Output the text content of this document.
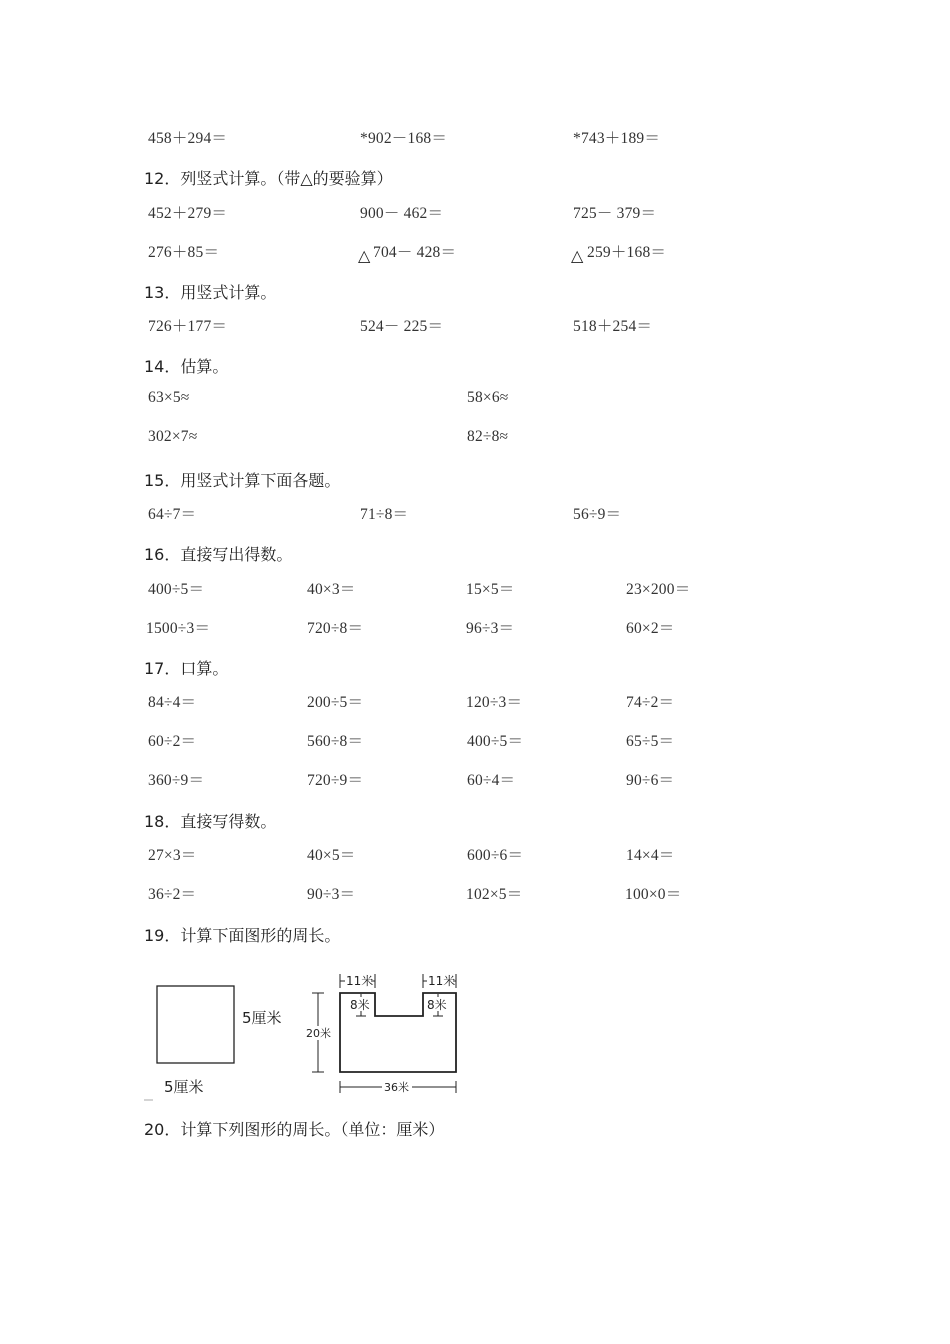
458＋294＝	*902－168＝	*743＋189＝
12．列竖式计算。（带△的要验算）
452＋279＝	900－ 462＝	725－ 379＝
276＋85＝	△ 704－ 428＝	△ 259＋168＝
13．用竖式计算。
726＋177＝	524－ 225＝	518＋254＝
14．估算。
63×5≈	58×6≈
302×7≈	82÷8≈
15．用竖式计算下面各题。
64÷7＝	71÷8＝	56÷9＝
16．直接写出得数。
400÷5＝	40×3＝	15×5＝	23×200＝
1500÷3＝	720÷8＝	96÷3＝	60×2＝
17．口算。
84÷4＝	200÷5＝	120÷3＝	74÷2＝
60÷2＝	560÷8＝	400÷5＝	65÷5＝
360÷9＝	720÷9＝	60÷4＝	90÷6＝
18．直接写得数。
27×3＝	40×5＝	600÷6＝	14×4＝
36÷2＝	90÷3＝	102×5＝	100×0＝
19．计算下面图形的周长。
5厘米
5厘米
11米	11米
8米	8米
20米
36米
20．计算下列图形的周长。（单位：厘米）
